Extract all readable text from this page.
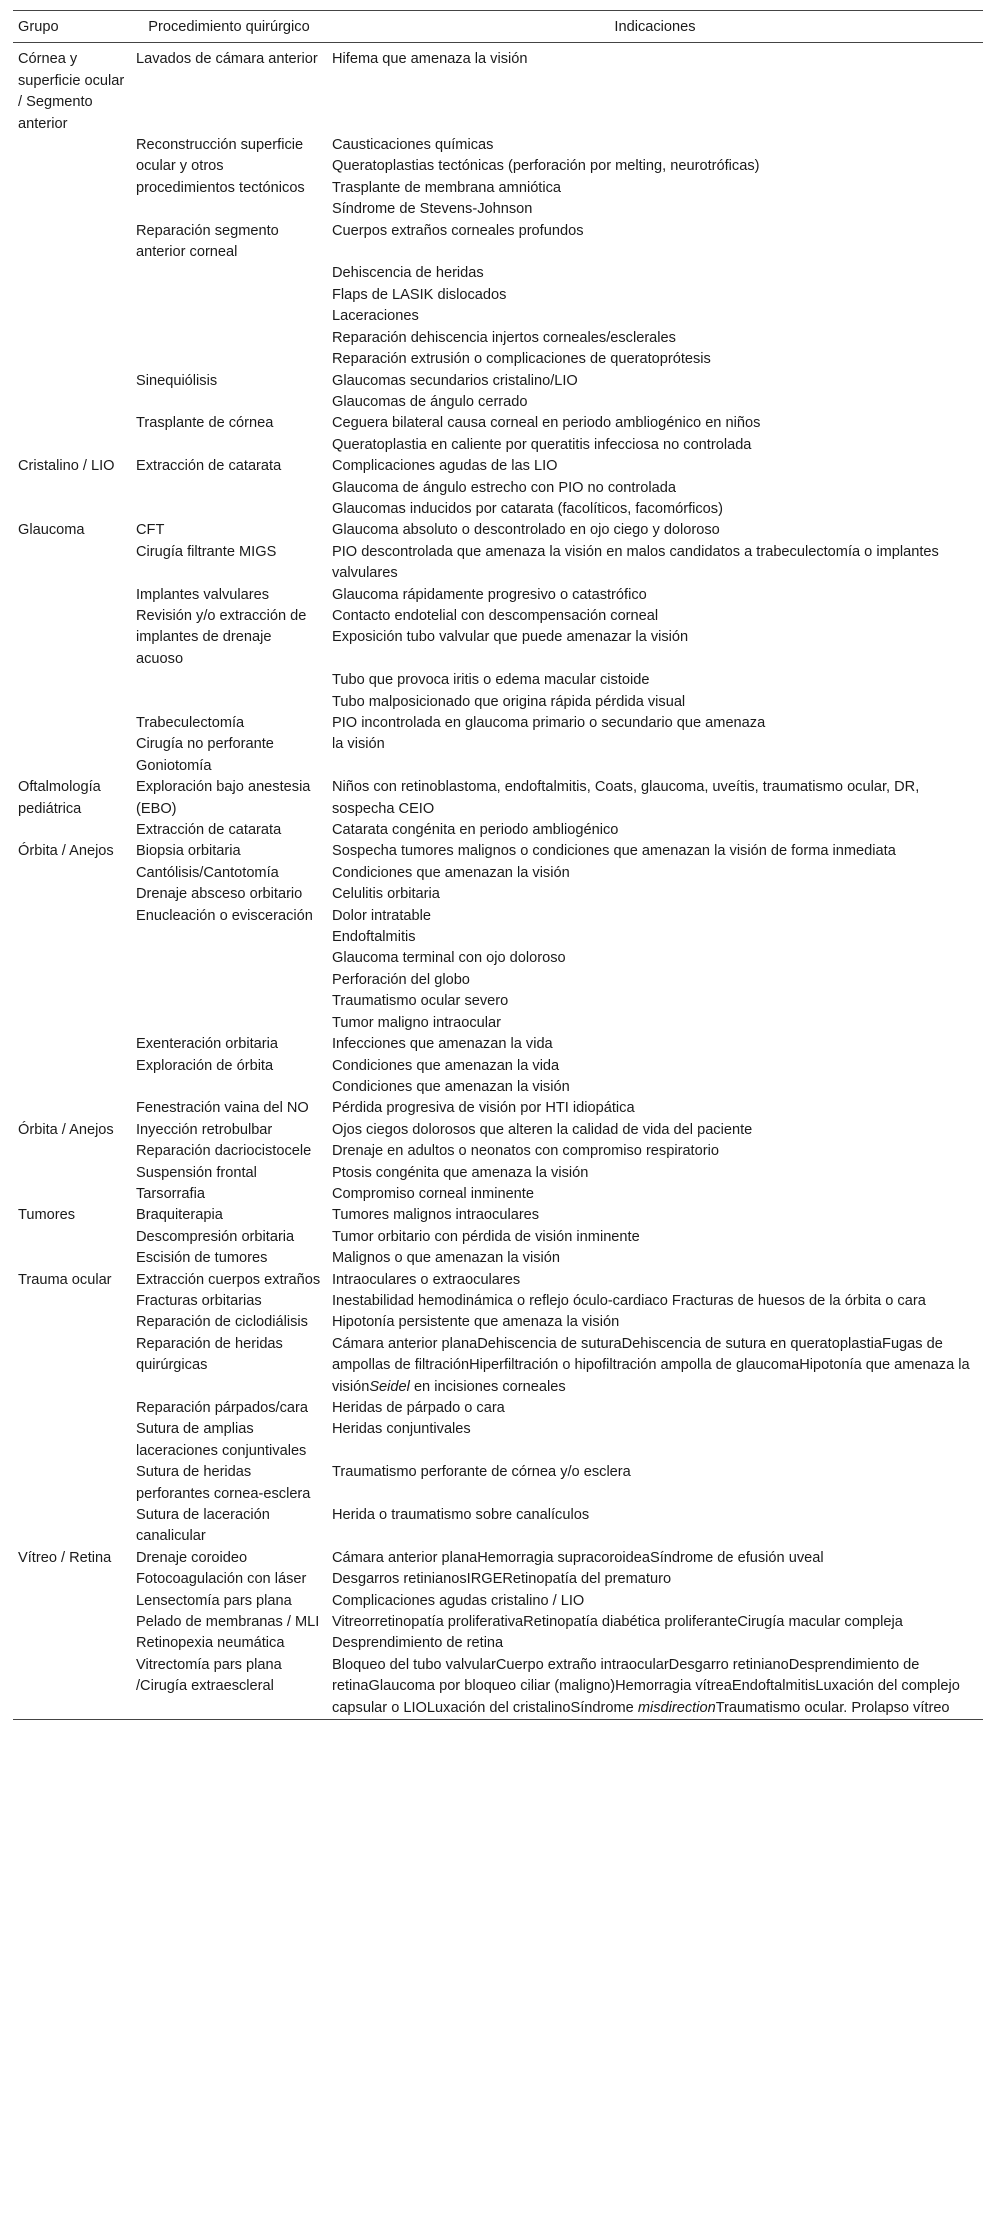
Grupo	Procedimiento quirúrgico	Indicaciones
Córnea y superficie ocular / Segmento anterior	Lavados de cámara anterior	Hifema que amenaza la visión
	Reconstrucción superficie	Causticaciones químicas
	ocular y otros	Queratoplastias tectónicas (perforación por melting, neurotróficas)
	procedimientos tectónicos	Trasplante de membrana amniótica
		Síndrome de Stevens-Johnson
	Reparación segmento anterior corneal	Cuerpos extraños corneales profundos
		Dehiscencia de heridas
		Flaps de LASIK dislocados
		Laceraciones
		Reparación dehiscencia injertos corneales/esclerales
		Reparación extrusión o complicaciones de queratoprótesis
	Sinequiólisis	Glaucomas secundarios cristalino/LIO
		Glaucomas de ángulo cerrado
	Trasplante de córnea	Ceguera bilateral causa corneal en periodo ambliogénico en niños
		Queratoplastia en caliente por queratitis infecciosa no controlada
Cristalino / LIO	Extracción de catarata	Complicaciones agudas de las LIO
		Glaucoma de ángulo estrecho con PIO no controlada
		Glaucomas inducidos por catarata (facolíticos, facomórficos)
Glaucoma	CFT	Glaucoma absoluto o descontrolado en ojo ciego y doloroso
	Cirugía filtrante MIGS	PIO descontrolada que amenaza la visión en malos candidatos a trabeculectomía o implantes valvulares
	Implantes valvulares	Glaucoma rápidamente progresivo o catastrófico
	Revisión y/o extracción de	Contacto endotelial con descompensación corneal
	implantes de drenaje acuoso	Exposición tubo valvular que puede amenazar la visión
		Tubo que provoca iritis o edema macular cistoide
		Tubo malposicionado que origina rápida pérdida visual
	Trabeculectomía	PIO incontrolada en glaucoma primario o secundario que amenaza
	Cirugía no perforante	la visión
	Goniotomía	
Oftalmología pediátrica	Exploración bajo anestesia (EBO)	Niños con retinoblastoma, endoftalmitis, Coats, glaucoma, uveítis, traumatismo ocular, DR, sospecha CEIO
	Extracción de catarata	Catarata congénita en periodo ambliogénico
Órbita / Anejos	Biopsia orbitaria	Sospecha tumores malignos o condiciones que amenazan la visión de forma inmediata
	Cantólisis/Cantotomía	Condiciones que amenazan la visión
	Drenaje absceso orbitario	Celulitis orbitaria
	Enucleación o evisceración	Dolor intratable
		Endoftalmitis
		Glaucoma terminal con ojo doloroso
		Perforación del globo
		Traumatismo ocular severo
		Tumor maligno intraocular
	Exenteración orbitaria	Infecciones que amenazan la vida
	Exploración de órbita	Condiciones que amenazan la vida
		Condiciones que amenazan la visión
	Fenestración vaina del NO	Pérdida progresiva de visión por HTI idiopática
Órbita / Anejos	Inyección retrobulbar	Ojos ciegos dolorosos que alteren la calidad de vida del paciente
	Reparación dacriocistocele	Drenaje en adultos o neonatos con compromiso respiratorio
	Suspensión frontal	Ptosis congénita que amenaza la visión
	Tarsorrafia	Compromiso corneal inminente
Tumores	Braquiterapia	Tumores malignos intraoculares
	Descompresión orbitaria	Tumor orbitario con pérdida de visión inminente
	Escisión de tumores	Malignos o que amenazan la visión
Trauma ocular	Extracción cuerpos extraños	Intraoculares o extraoculares
	Fracturas orbitarias	Inestabilidad hemodinámica o reflejo óculo-cardiaco Fracturas de huesos de la órbita o cara
	Reparación de ciclodiálisis	Hipotonía persistente que amenaza la visión
	Reparación de heridas quirúrgicas	Cámara anterior planaDehiscencia de suturaDehiscencia de sutura en queratoplastiaFugas de ampollas de filtraciónHiperfiltración o hipofiltración ampolla de glaucomaHipotonía que amenaza la visiónSeidel en incisiones corneales
	Reparación párpados/cara	Heridas de párpado o cara
	Sutura de amplias laceraciones conjuntivales	Heridas conjuntivales
	Sutura de heridas perforantes cornea-esclera	Traumatismo perforante de córnea y/o esclera
	Sutura de laceración canalicular	Herida o traumatismo sobre canalículos
Vítreo / Retina	Drenaje coroideo	Cámara anterior planaHemorragia supracoroideaSíndrome de efusión uveal
	Fotocoagulación con láser	Desgarros retinianosIRGERetinopatía del prematuro
	Lensectomía pars plana	Complicaciones agudas cristalino / LIO
	Pelado de membranas / MLI	Vitreorretinopatía proliferativaRetinopatía diabética proliferanteCirugía macular compleja
	Retinopexia neumática	Desprendimiento de retina
	Vitrectomía pars plana /Cirugía extraescleral	Bloqueo del tubo valvularCuerpo extraño intraocularDesgarro retinianoDesprendimiento de retinaGlaucoma por bloqueo ciliar (maligno)Hemorragia vítreaEndoftalmitisLuxación del complejo capsular o LIOLuxación del cristalinoSíndrome misdirectionTraumatismo ocular. Prolapso vítreo
